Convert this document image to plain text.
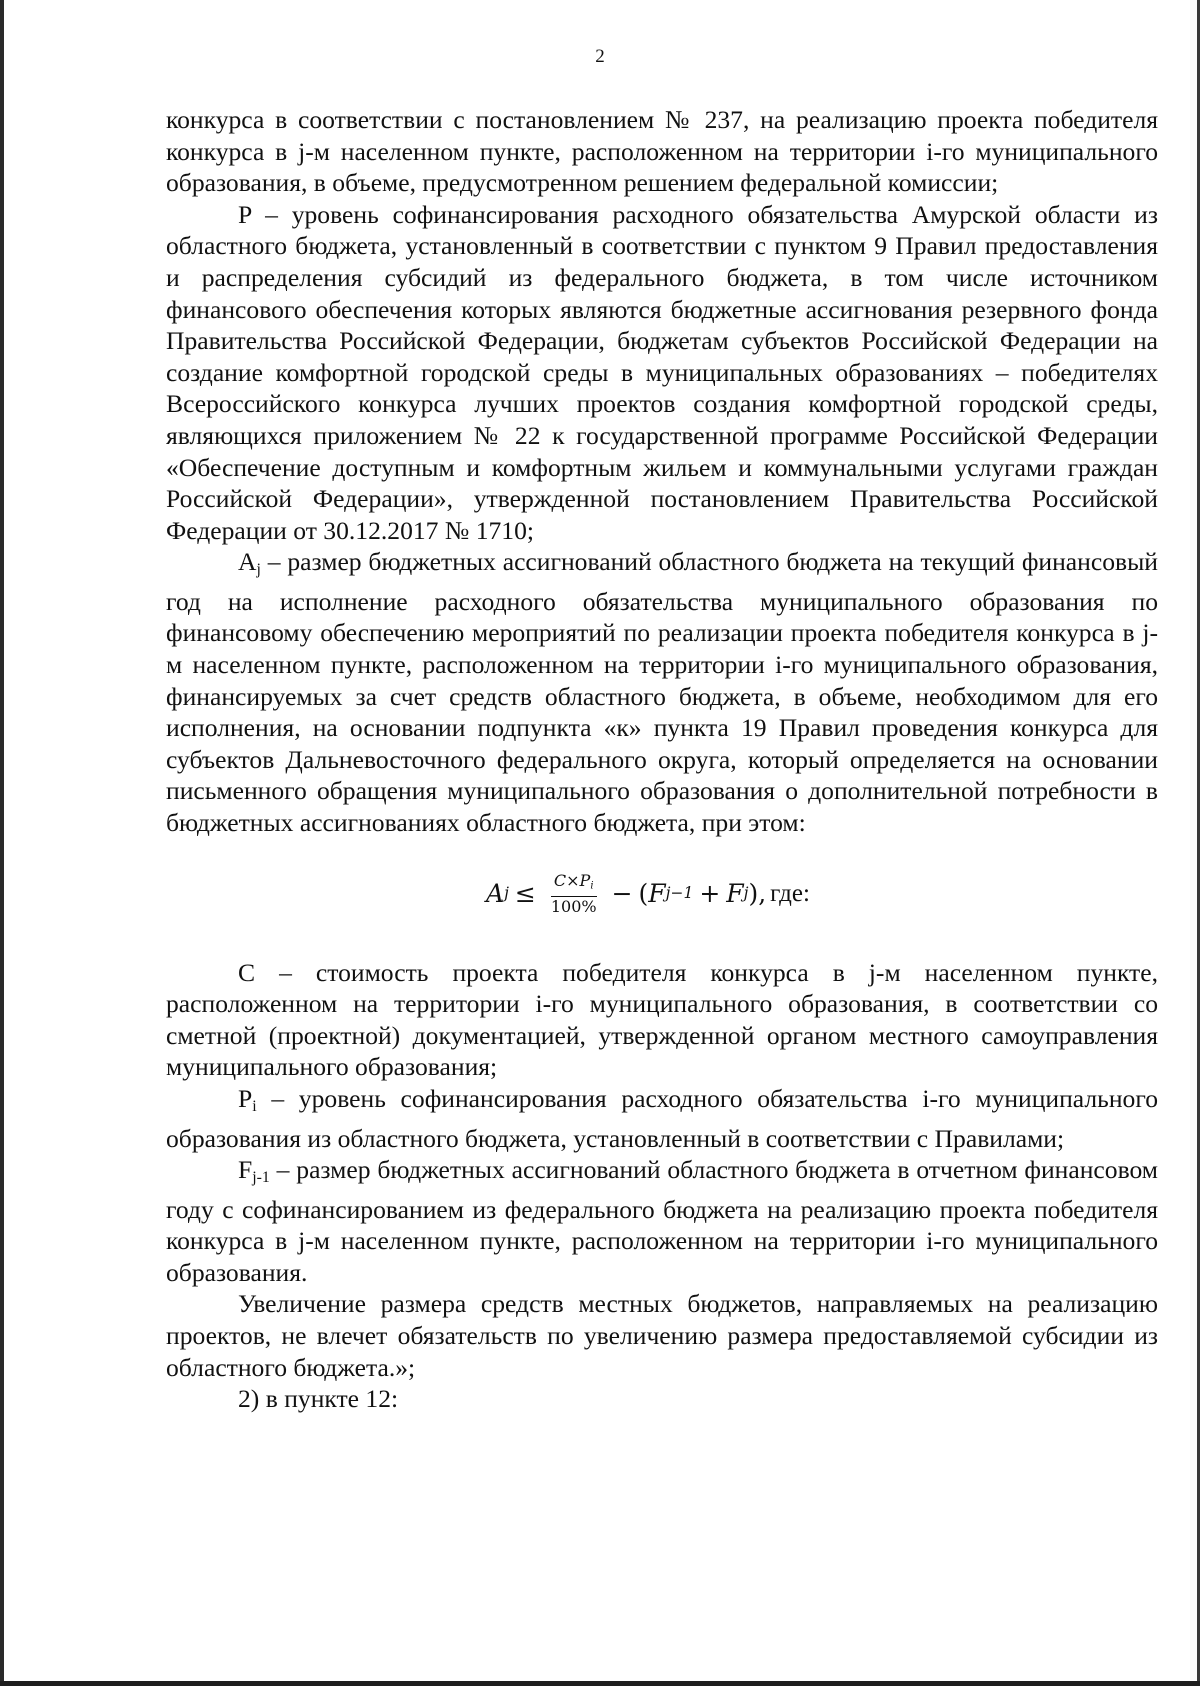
2

конкурса в соответствии с постановлением № 237, на реализацию проекта победителя конкурса в j-м населенном пункте, расположенном на территории i-го муниципального образования, в объеме, предусмотренном решением федеральной комиссии;

P – уровень софинансирования расходного обязательства Амурской области из областного бюджета, установленный в соответствии с пунктом 9 Правил предоставления и распределения субсидий из федерального бюджета, в том числе источником финансового обеспечения которых являются бюджетные ассигнования резервного фонда Правительства Российской Федерации, бюджетам субъектов Российской Федерации на создание комфортной городской среды в муниципальных образованиях – победителях Всероссийского конкурса лучших проектов создания комфортной городской среды, являющихся приложением № 22 к государственной программе Российской Федерации «Обеспечение доступным и комфортным жильем и коммунальными услугами граждан Российской Федерации», утвержденной постановлением Правительства Российской Федерации от 30.12.2017 № 1710;

$A_j$ – размер бюджетных ассигнований областного бюджета на текущий финансовый год на исполнение расходного обязательства муниципального образования по финансовому обеспечению мероприятий по реализации проекта победителя конкурса в j-м населенном пункте, расположенном на территории i-го муниципального образования, финансируемых за счет средств областного бюджета, в объеме, необходимом для его исполнения, на основании подпункта «к» пункта 19 Правил проведения конкурса для субъектов Дальневосточного федерального округа, который определяется на основании письменного обращения муниципального образования о дополнительной потребности в бюджетных ассигнованиях областного бюджета, при этом:

A $j \le \frac{C\times P_i}{100\%}$ − ( F j−1 + F j ), где:

C – стоимость проекта победителя конкурса в j-м населенном пункте, расположенном на территории i-го муниципального образования, в соответствии со сметной (проектной) документацией, утвержденной органом местного самоуправления муниципального образования;

$P_i$ – уровень софинансирования расходного обязательства i-го муниципального образования из областного бюджета, установленный в соответствии с Правилами;

$F_{j-1}$ – размер бюджетных ассигнований областного бюджета в отчетном финансовом году с софинансированием из федерального бюджета на реализацию проекта победителя конкурса в j-м населенном пункте, расположенном на территории i-го муниципального образования.

Увеличение размера средств местных бюджетов, направляемых на реализацию проектов, не влечет обязательств по увеличению размера предоставляемой субсидии из областного бюджета.»;

2) в пункте 12:
